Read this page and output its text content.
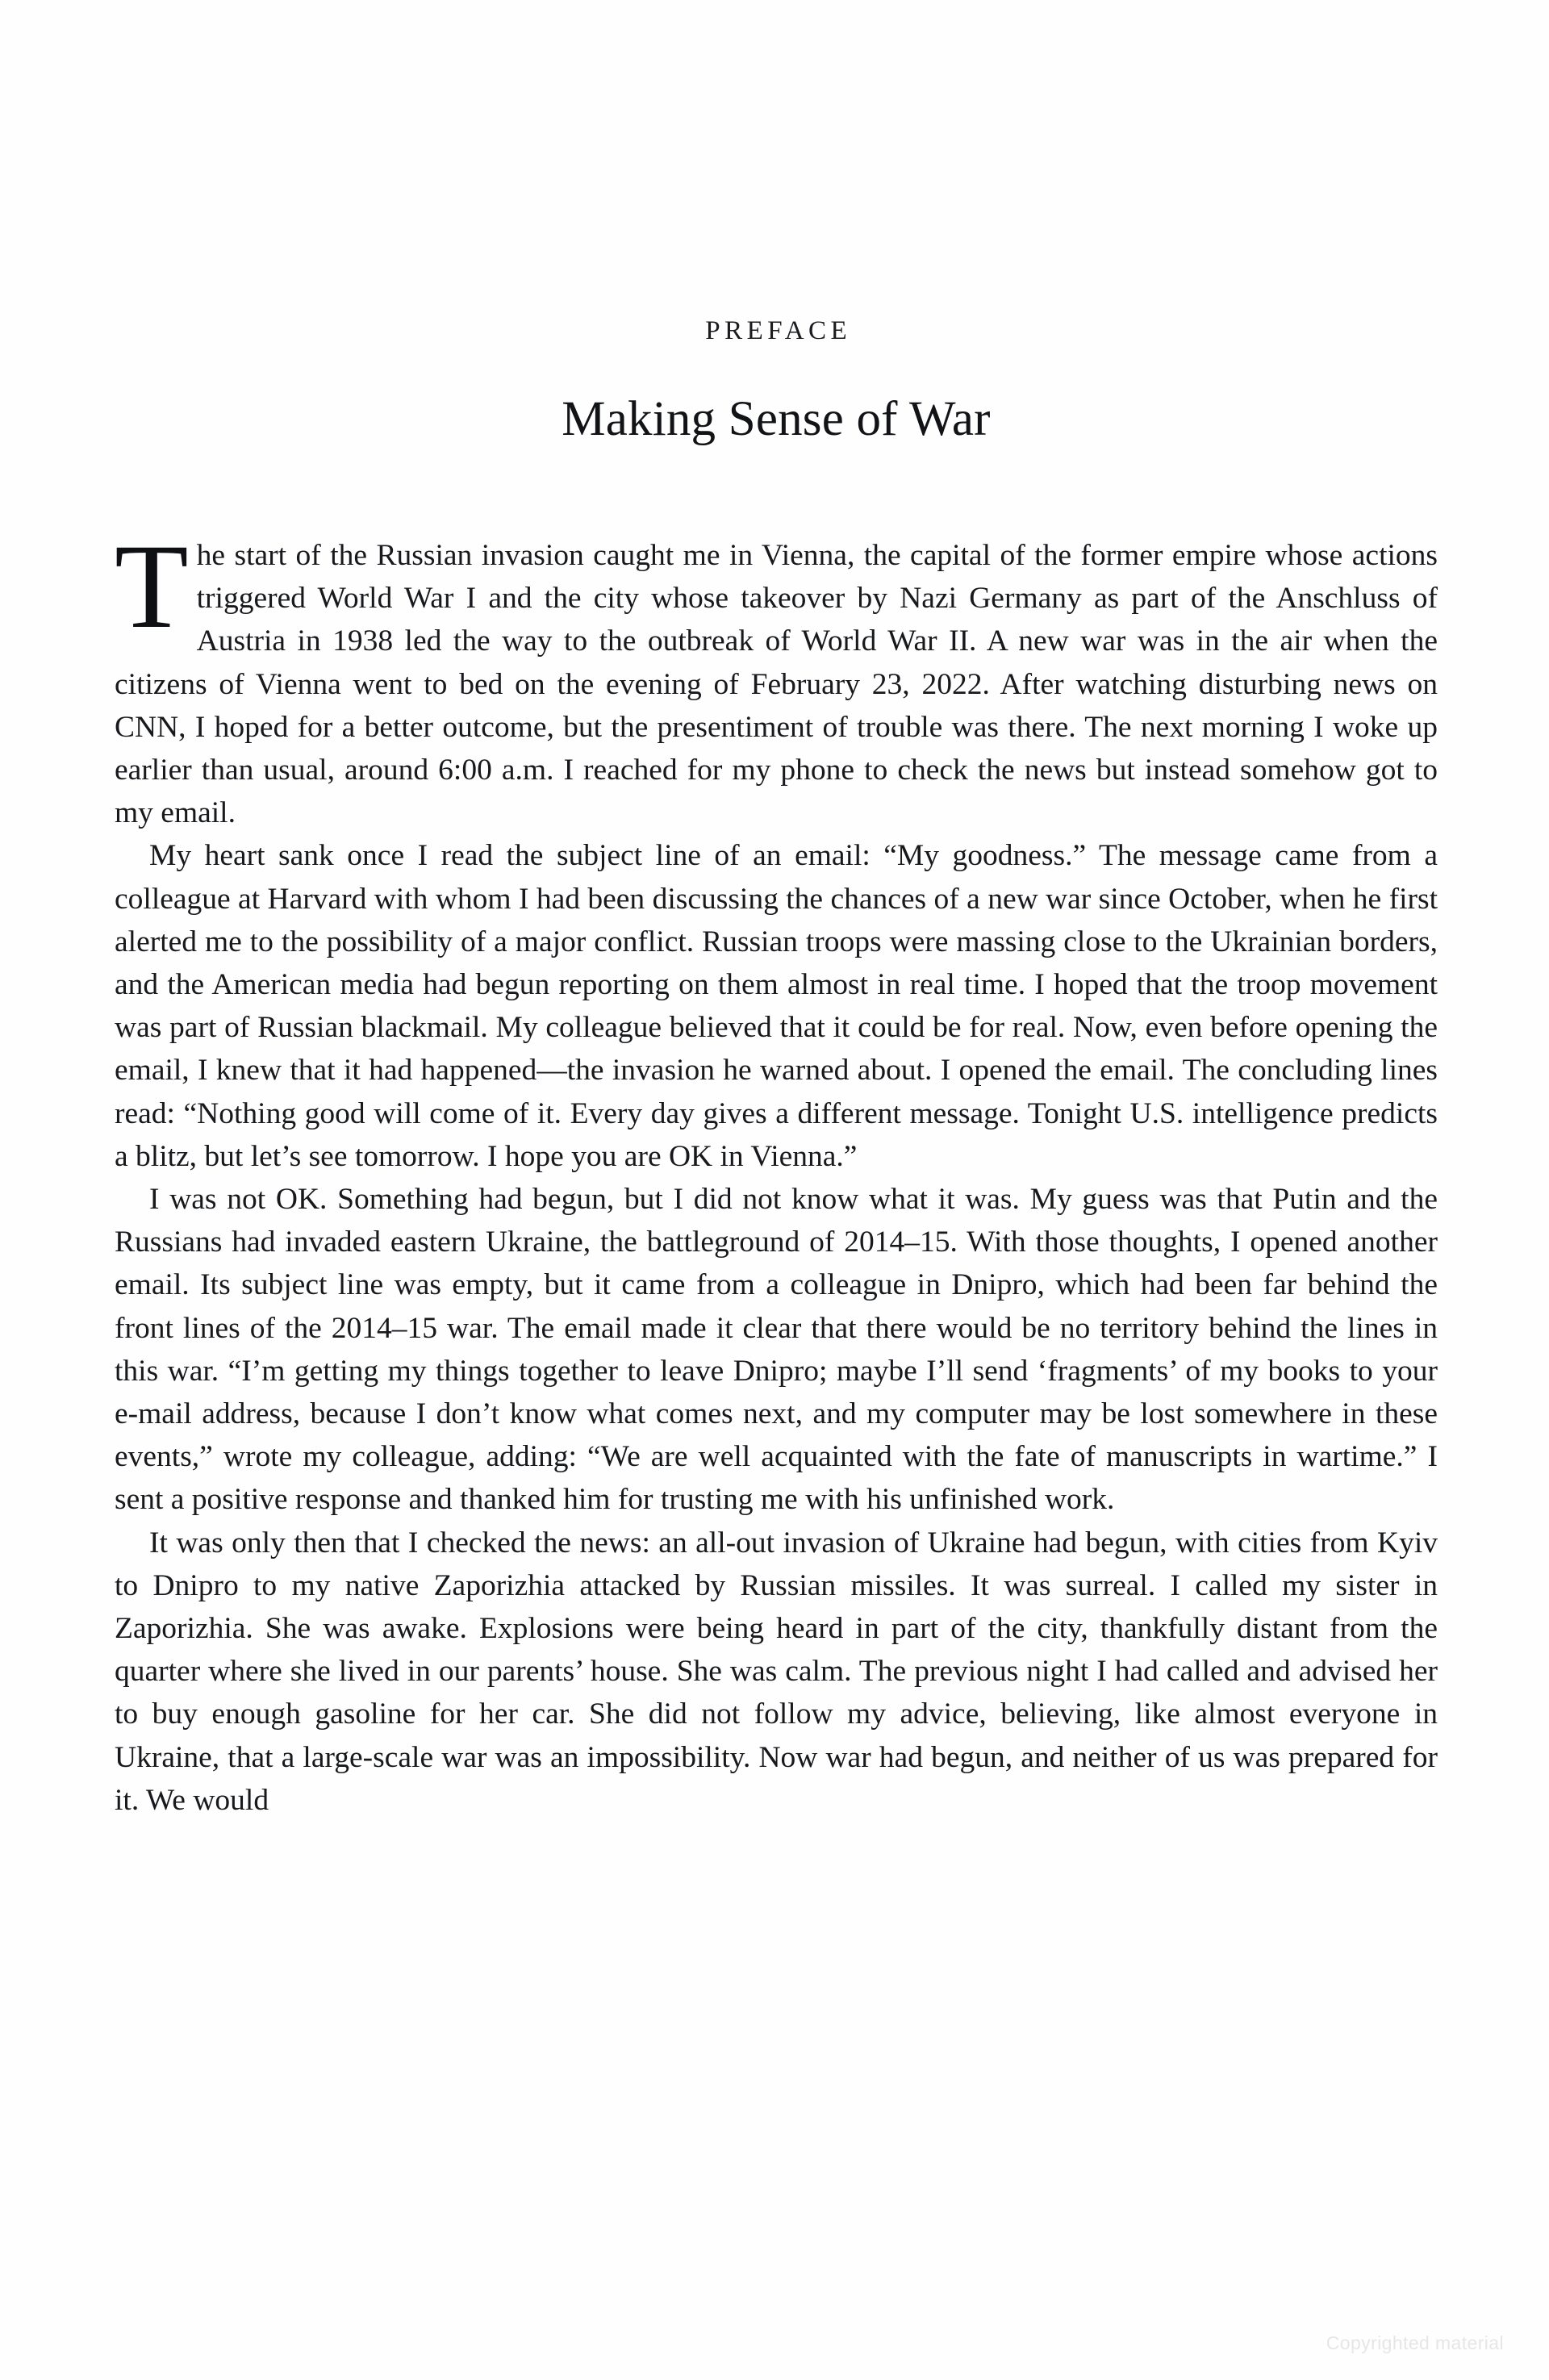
PREFACE
Making Sense of War

The start of the Russian invasion caught me in Vienna, the capital of the former empire whose actions triggered World War I and the city whose takeover by Nazi Germany as part of the Anschluss of Austria in 1938 led the way to the outbreak of World War II. A new war was in the air when the citizens of Vienna went to bed on the evening of February 23, 2022. After watching disturbing news on CNN, I hoped for a better outcome, but the presentiment of trouble was there. The next morning I woke up earlier than usual, around 6:00 a.m. I reached for my phone to check the news but instead somehow got to my email.

My heart sank once I read the subject line of an email: “My goodness.” The message came from a colleague at Harvard with whom I had been discussing the chances of a new war since October, when he first alerted me to the possibility of a major conflict. Russian troops were massing close to the Ukrainian borders, and the American media had begun reporting on them almost in real time. I hoped that the troop movement was part of Russian blackmail. My colleague believed that it could be for real. Now, even before opening the email, I knew that it had happened—the invasion he warned about. I opened the email. The concluding lines read: “Nothing good will come of it. Every day gives a different message. Tonight U.S. intelligence predicts a blitz, but let’s see tomorrow. I hope you are OK in Vienna.”

I was not OK. Something had begun, but I did not know what it was. My guess was that Putin and the Russians had invaded eastern Ukraine, the battleground of 2014–15. With those thoughts, I opened another email. Its subject line was empty, but it came from a colleague in Dnipro, which had been far behind the front lines of the 2014–15 war. The email made it clear that there would be no territory behind the lines in this war. “I’m getting my things together to leave Dnipro; maybe I’ll send ‘fragments’ of my books to your e-mail address, because I don’t know what comes next, and my computer may be lost somewhere in these events,” wrote my colleague, adding: “We are well acquainted with the fate of manuscripts in wartime.” I sent a positive response and thanked him for trusting me with his unfinished work.

It was only then that I checked the news: an all-out invasion of Ukraine had begun, with cities from Kyiv to Dnipro to my native Zaporizhia attacked by Russian missiles. It was surreal. I called my sister in Zaporizhia. She was awake. Explosions were being heard in part of the city, thankfully distant from the quarter where she lived in our parents’ house. She was calm. The previous night I had called and advised her to buy enough gasoline for her car. She did not follow my advice, believing, like almost everyone in Ukraine, that a large-scale war was an impossibility. Now war had begun, and neither of us was prepared for it. We would

Copyrighted material
